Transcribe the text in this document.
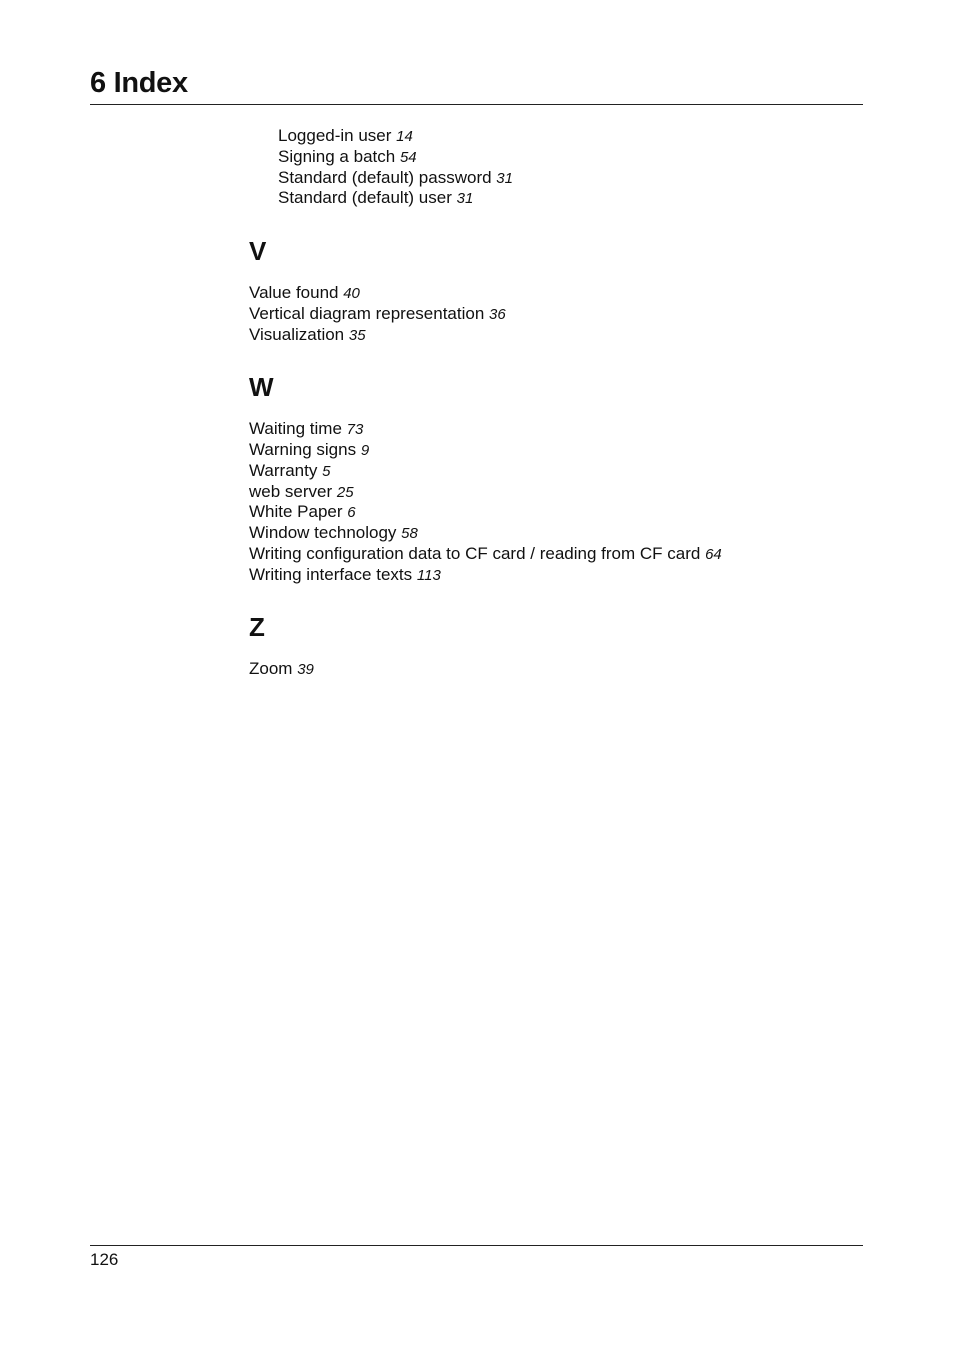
6 Index
Logged-in user 14
Signing a batch 54
Standard (default) password 31
Standard (default) user 31
V
Value found 40
Vertical diagram representation 36
Visualization 35
W
Waiting time 73
Warning signs 9
Warranty 5
web server 25
White Paper 6
Window technology 58
Writing configuration data to CF card / reading from CF card 64
Writing interface texts 113
Z
Zoom 39
126
